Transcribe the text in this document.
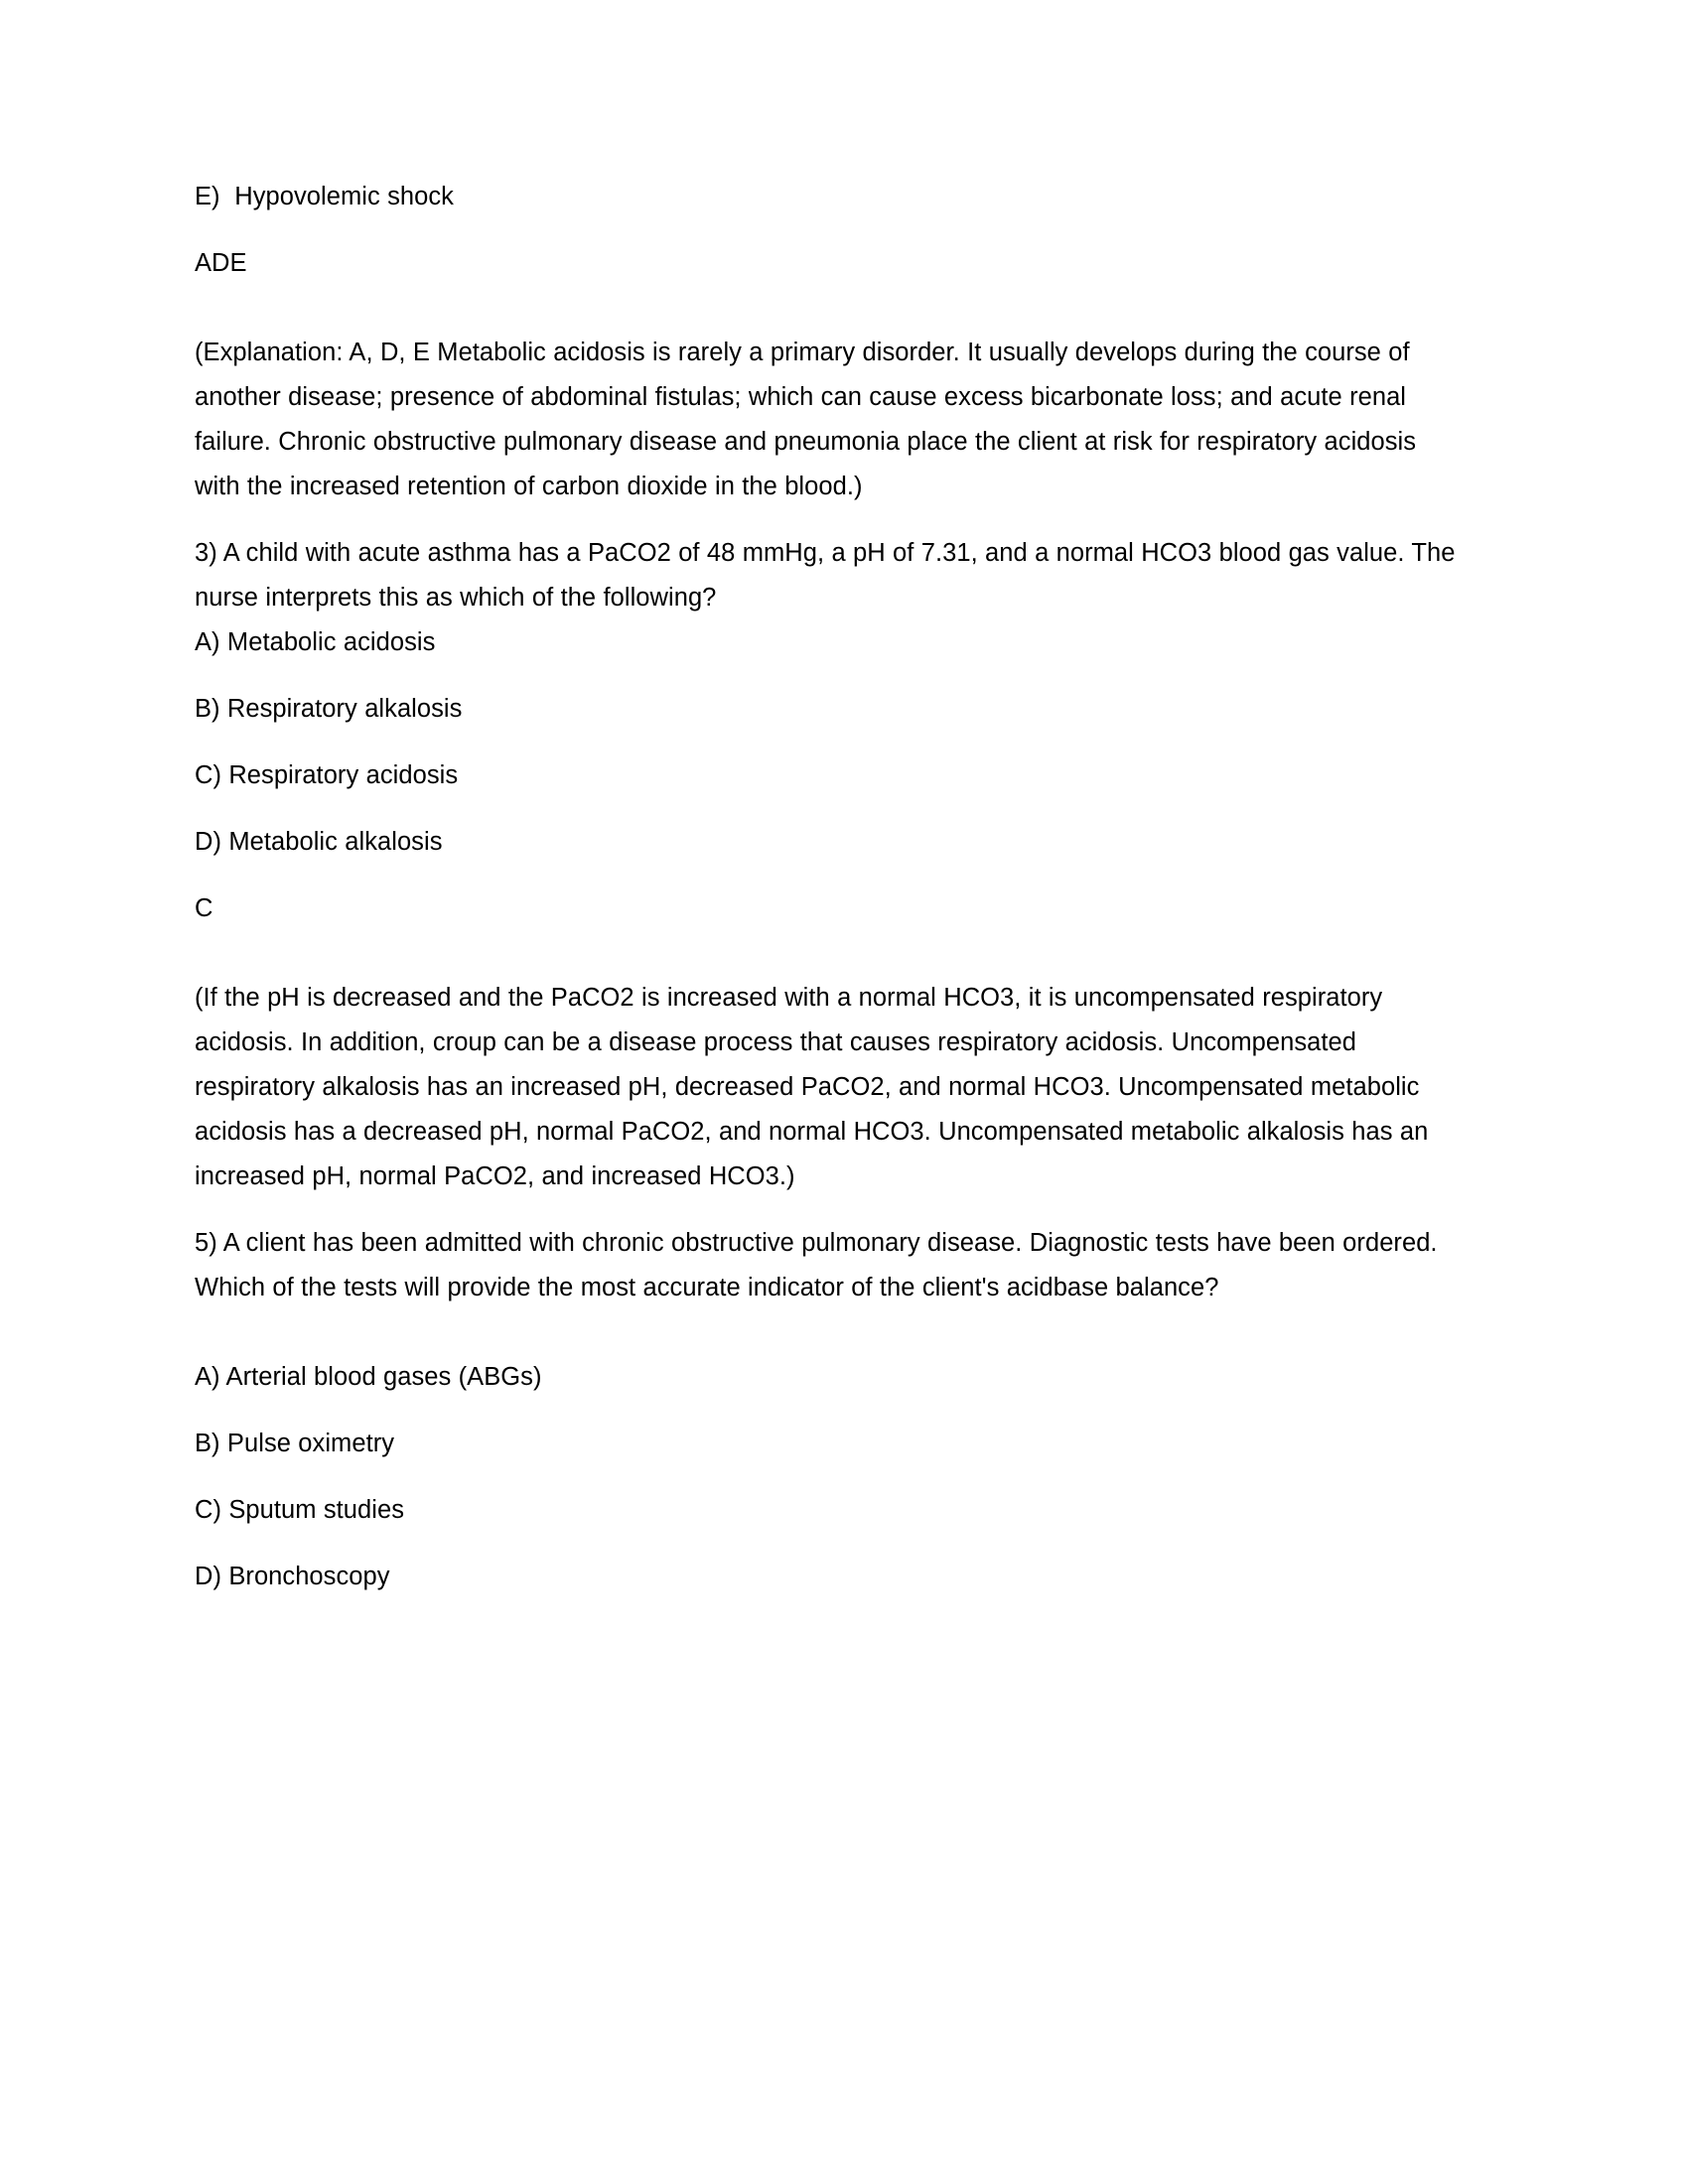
E)  Hypovolemic shock

ADE

(Explanation: A, D, E Metabolic acidosis is rarely a primary disorder. It usually develops during the course of another disease; presence of abdominal fistulas; which can cause excess bicarbonate loss; and acute renal failure. Chronic obstructive pulmonary disease and pneumonia place the client at risk for respiratory acidosis with the increased retention of carbon dioxide in the blood.)

3) A child with acute asthma has a PaCO2 of 48 mmHg, a pH of 7.31, and a normal HCO3 blood gas value. The nurse interprets this as which of the following?

A) Metabolic acidosis

B) Respiratory alkalosis

C) Respiratory acidosis

D) Metabolic alkalosis

C

(If the pH is decreased and the PaCO2 is increased with a normal HCO3, it is uncompensated respiratory acidosis. In addition, croup can be a disease process that causes respiratory acidosis. Uncompensated respiratory alkalosis has an increased pH, decreased PaCO2, and normal HCO3. Uncompensated metabolic acidosis has a decreased pH, normal PaCO2, and normal HCO3. Uncompensated metabolic alkalosis has an increased pH, normal PaCO2, and increased HCO3.)

5) A client has been admitted with chronic obstructive pulmonary disease. Diagnostic tests have been ordered. Which of the tests will provide the most accurate indicator of the client's acidbase balance?

A) Arterial blood gases (ABGs)

B) Pulse oximetry

C) Sputum studies

D) Bronchoscopy
